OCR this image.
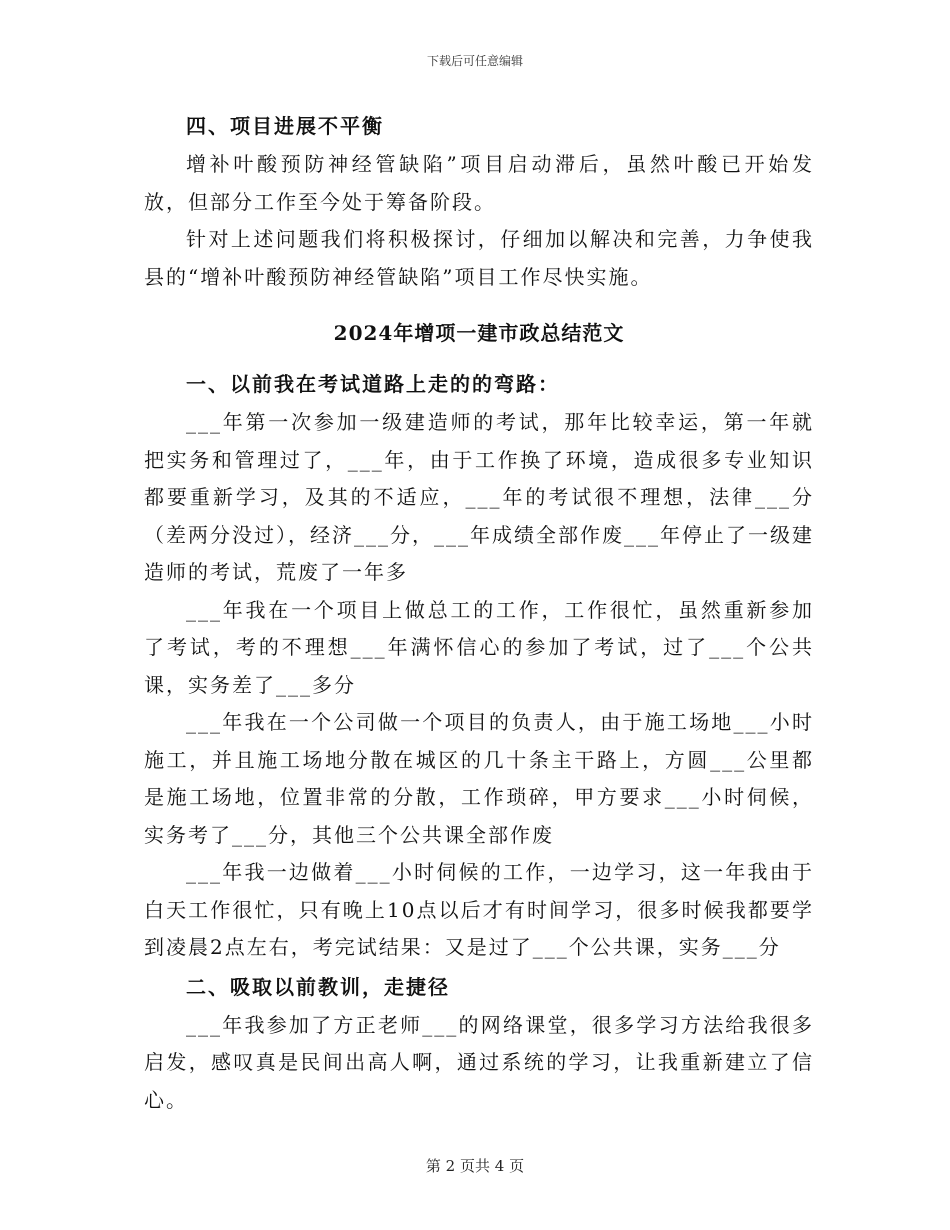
下载后可任意编辑

四、项目进展不平衡

增补叶酸预防神经管缺陷”项目启动滞后，虽然叶酸已开始发放，但部分工作至今处于筹备阶段。

针对上述问题我们将积极探讨，仔细加以解决和完善，力争使我县的“增补叶酸预防神经管缺陷”项目工作尽快实施。

2024年增项一建市政总结范文

一、以前我在考试道路上走的的弯路：

___年第一次参加一级建造师的考试，那年比较幸运，第一年就把实务和管理过了，___年，由于工作换了环境，造成很多专业知识都要重新学习，及其的不适应，___年的考试很不理想，法律___分（差两分没过），经济___分，___年成绩全部作废___年停止了一级建造师的考试，荒废了一年多

___年我在一个项目上做总工的工作，工作很忙，虽然重新参加了考试，考的不理想___年满怀信心的参加了考试，过了___个公共课，实务差了___多分

___年我在一个公司做一个项目的负责人，由于施工场地___小时施工，并且施工场地分散在城区的几十条主干路上，方圆___公里都是施工场地，位置非常的分散，工作琐碎，甲方要求___小时伺候，实务考了___分，其他三个公共课全部作废

___年我一边做着___小时伺候的工作，一边学习，这一年我由于白天工作很忙，只有晚上10点以后才有时间学习，很多时候我都要学到凌晨2点左右，考完试结果：又是过了___个公共课，实务___分

二、吸取以前教训，走捷径

___年我参加了方正老师___的网络课堂，很多学习方法给我很多启发，感叹真是民间出高人啊，通过系统的学习，让我重新建立了信心。

第 2 页共 4 页
